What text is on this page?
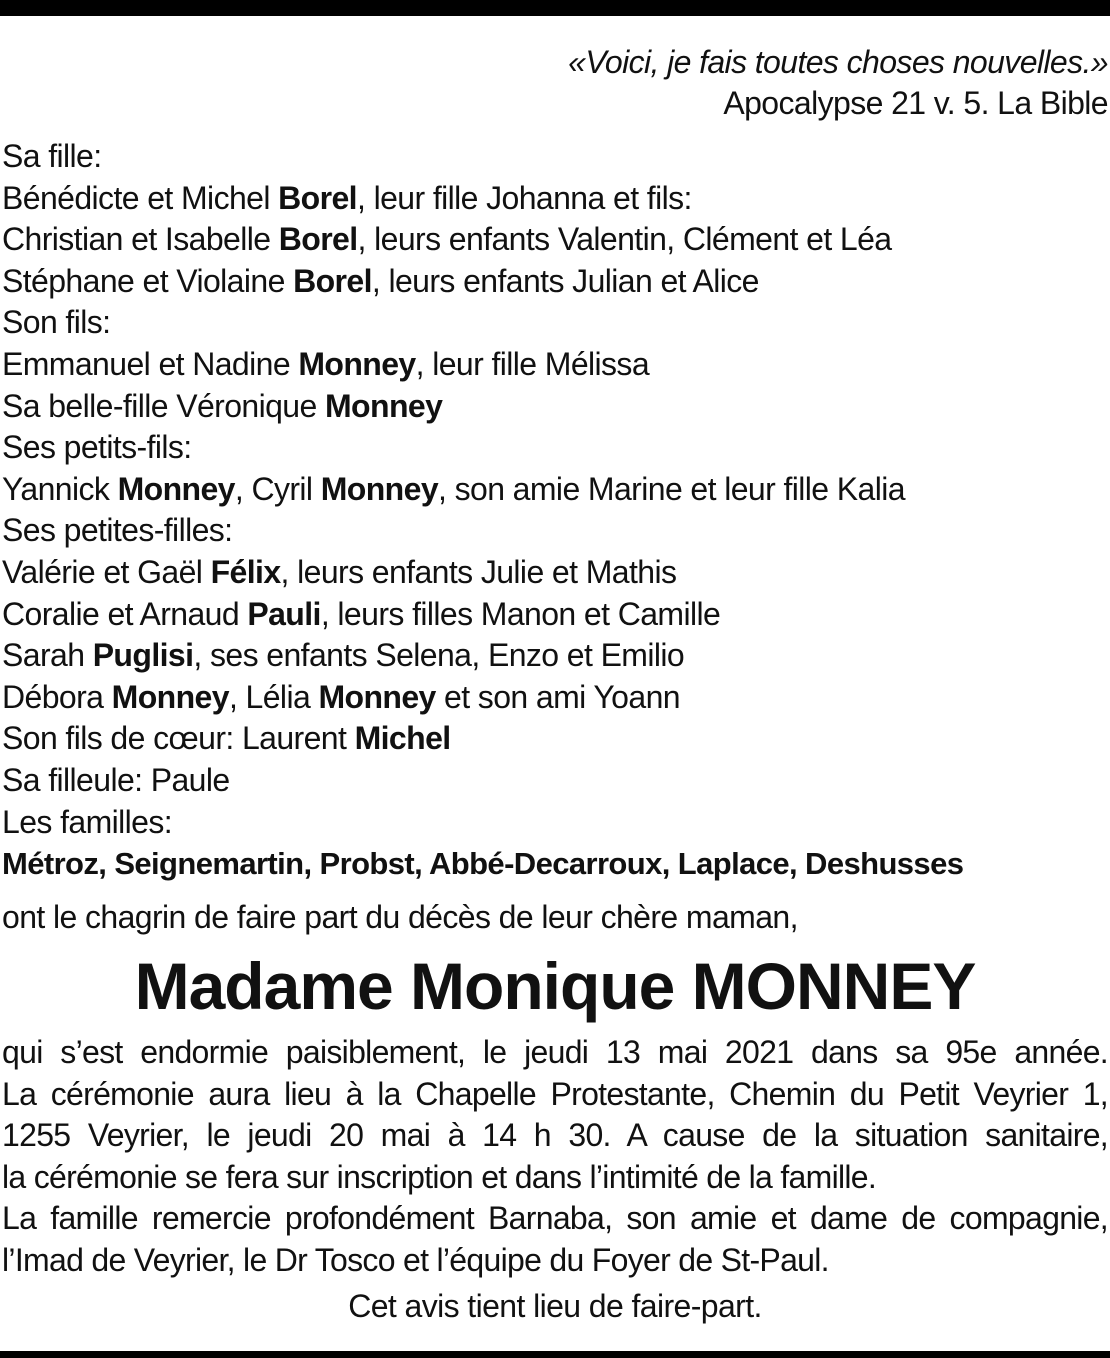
«Voici, je fais toutes choses nouvelles.»
Apocalypse 21 v. 5. La Bible
Sa fille:
Bénédicte et Michel Borel, leur fille Johanna et fils:
Christian et Isabelle Borel, leurs enfants Valentin, Clément et Léa
Stéphane et Violaine Borel, leurs enfants Julian et Alice
Son fils:
Emmanuel et Nadine Monney, leur fille Mélissa
Sa belle-fille Véronique Monney
Ses petits-fils:
Yannick Monney, Cyril Monney, son amie Marine et leur fille Kalia
Ses petites-filles:
Valérie et Gaël Félix, leurs enfants Julie et Mathis
Coralie et Arnaud Pauli, leurs filles Manon et Camille
Sarah Puglisi, ses enfants Selena, Enzo et Emilio
Débora Monney, Lélia Monney et son ami Yoann
Son fils de cœur: Laurent Michel
Sa filleule: Paule
Les familles:
Métroz, Seignemartin, Probst, Abbé-Decarroux, Laplace, Deshusses
ont le chagrin de faire part du décès de leur chère maman,
Madame Monique MONNEY
qui s’est endormie paisiblement, le jeudi 13 mai 2021 dans sa 95e année.
La cérémonie aura lieu à la Chapelle Protestante, Chemin du Petit Veyrier 1,
1255 Veyrier, le jeudi 20 mai à 14 h 30. A cause de la situation sanitaire,
la cérémonie se fera sur inscription et dans l’intimité de la famille.
La famille remercie profondément Barnaba, son amie et dame de compagnie,
l’Imad de Veyrier, le Dr Tosco et l’équipe du Foyer de St-Paul.
Cet avis tient lieu de faire-part.
